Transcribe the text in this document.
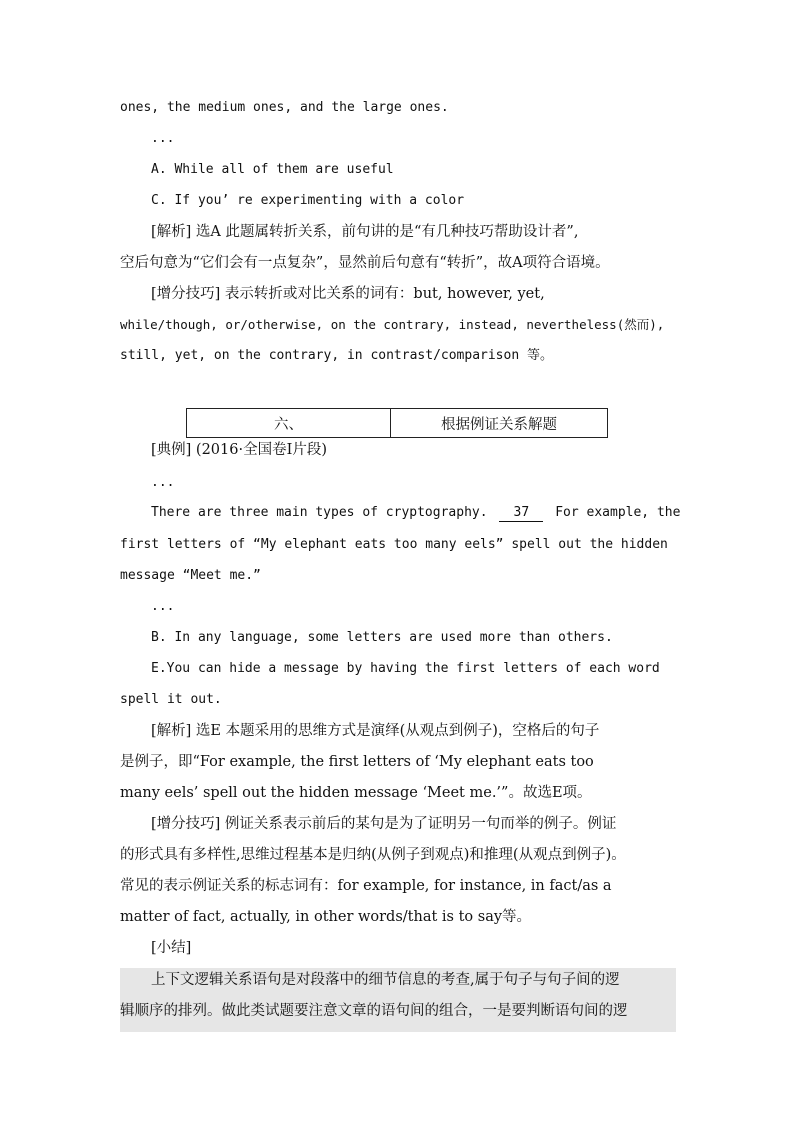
ones, the medium ones, and the large ones.
...
A. While all of them are useful
C. If you’ re experimenting with a color
[解析] 选A 此题属转折关系，前句讲的是“有几种技巧帮助设计者”,
空后句意为“它们会有一点复杂”，显然前后句意有“转折”，故A项符合语境。
[增分技巧] 表示转折或对比关系的词有：but, however, yet,
while/though, or/otherwise, on the contrary, instead, nevertheless(然而),
still, yet, on the contrary, in contrast/comparison 等。
六、	根据例证关系解题
[典例] (2016·全国卷Ⅰ片段)
...
There are three main types of cryptography. 37 For example, the
first letters of “My elephant eats too many eels” spell out the hidden
message “Meet me.”
...
B. In any language, some letters are used more than others.
E.You can hide a message by having the first letters of each word
spell it out.
[解析] 选E 本题采用的思维方式是演绎(从观点到例子)，空格后的句子
是例子，即“For example, the first letters of ‘My elephant eats too
many eels’ spell out the hidden message ‘Meet me.’”。故选E项。
[增分技巧] 例证关系表示前后的某句是为了证明另一句而举的例子。例证
的形式具有多样性,思维过程基本是归纳(从例子到观点)和推理(从观点到例子)。
常见的表示例证关系的标志词有：for example, for instance, in fact/as a
matter of fact, actually, in other words/that is to say等。
[小结]
上下文逻辑关系语句是对段落中的细节信息的考查,属于句子与句子间的逻
辑顺序的排列。做此类试题要注意文章的语句间的组合，一是要判断语句间的逻
